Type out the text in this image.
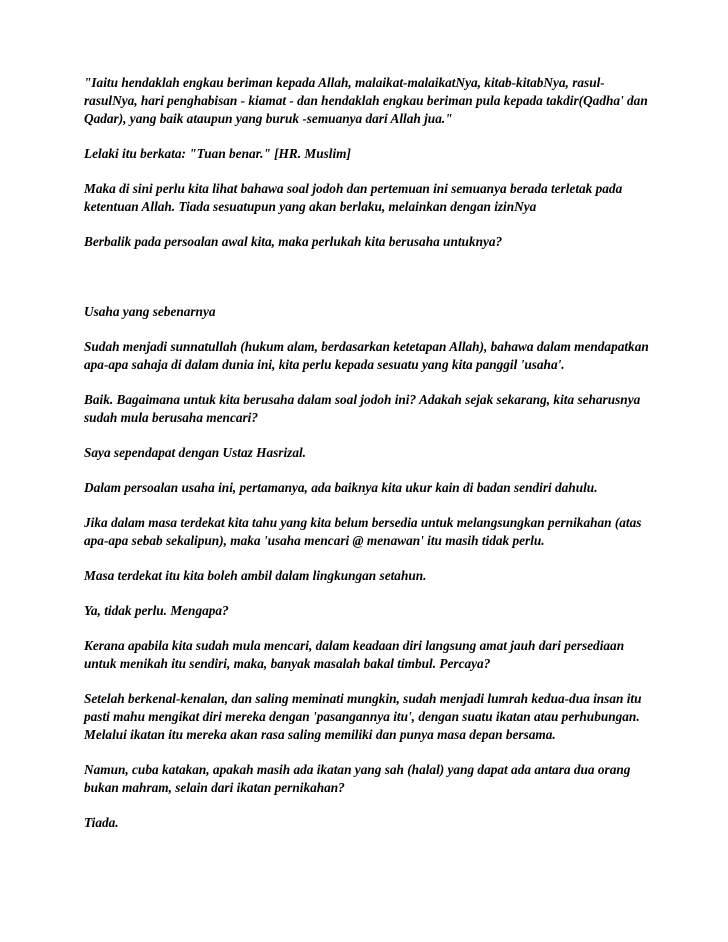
"Iaitu hendaklah engkau beriman kepada Allah, malaikat-malaikatNya, kitab-kitabNya, rasul-rasulNya, hari penghabisan - kiamat - dan hendaklah engkau beriman pula kepada takdir(Qadha' dan Qadar), yang baik ataupun yang buruk -semuanya dari Allah jua."

Lelaki itu berkata: "Tuan benar." [HR. Muslim]

Maka di sini perlu kita lihat bahawa soal jodoh dan pertemuan ini semuanya berada terletak pada ketentuan Allah. Tiada sesuatupun yang akan berlaku, melainkan dengan izinNya

Berbalik pada persoalan awal kita, maka perlukah kita berusaha untuknya?

Usaha yang sebenarnya

Sudah menjadi sunnatullah (hukum alam, berdasarkan ketetapan Allah), bahawa dalam mendapatkan apa-apa sahaja di dalam dunia ini, kita perlu kepada sesuatu yang kita panggil 'usaha'.

Baik. Bagaimana untuk kita berusaha dalam soal jodoh ini? Adakah sejak sekarang, kita seharusnya sudah mula berusaha mencari?

Saya sependapat dengan Ustaz Hasrizal.

Dalam persoalan usaha ini, pertamanya, ada baiknya kita ukur kain di badan sendiri dahulu.

Jika dalam masa terdekat kita tahu yang kita belum bersedia untuk melangsungkan pernikahan (atas apa-apa sebab sekalipun), maka 'usaha mencari @ menawan' itu masih tidak perlu.

Masa terdekat itu kita boleh ambil dalam lingkungan setahun.

Ya, tidak perlu. Mengapa?

Kerana apabila kita sudah mula mencari, dalam keadaan diri langsung amat jauh dari persediaan untuk menikah itu sendiri, maka, banyak masalah bakal timbul. Percaya?

Setelah berkenal-kenalan, dan saling meminati mungkin, sudah menjadi lumrah kedua-dua insan itu pasti mahu mengikat diri mereka dengan 'pasangannya itu', dengan suatu ikatan atau perhubungan. Melalui ikatan itu mereka akan rasa saling memiliki dan punya masa depan bersama.

Namun, cuba katakan, apakah masih ada ikatan yang sah (halal) yang dapat ada antara dua orang bukan mahram, selain dari ikatan pernikahan?

Tiada.
